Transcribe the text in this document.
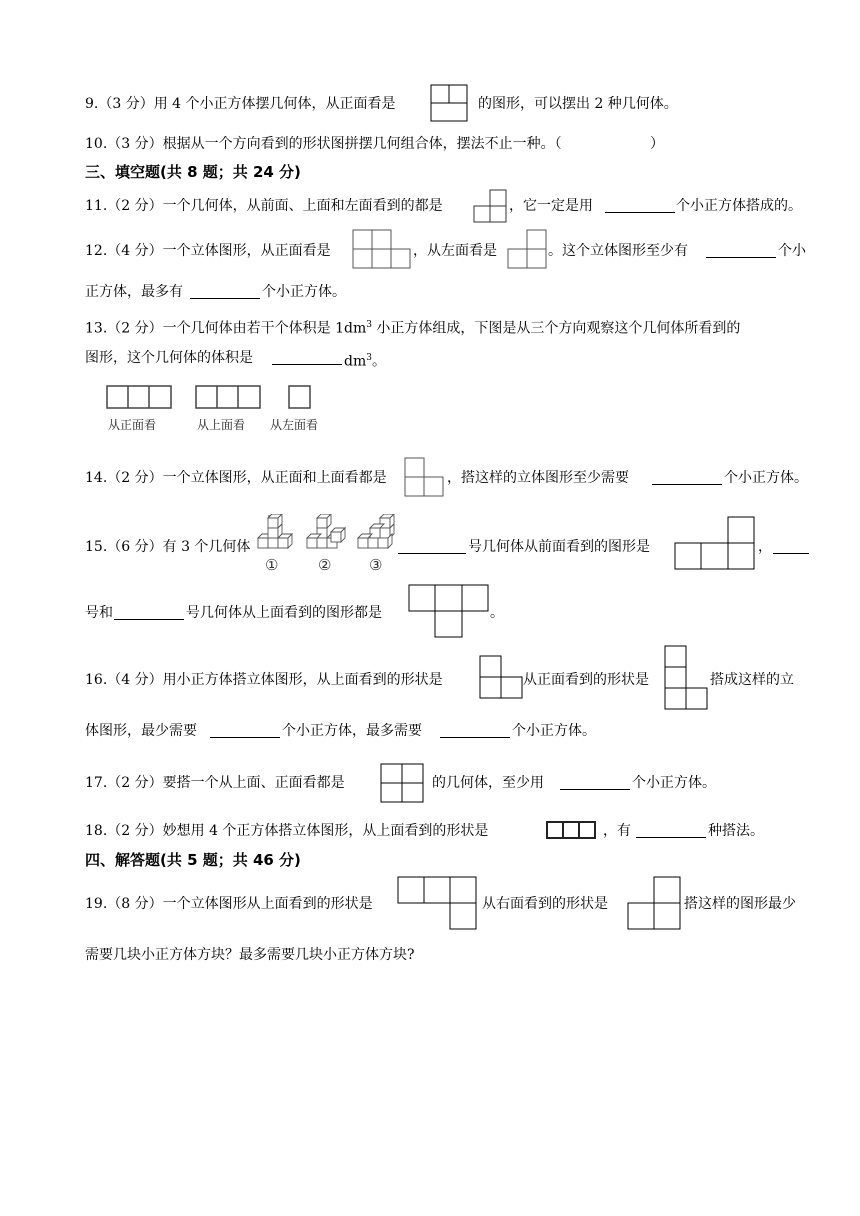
9.（3 分）用 4 个小正方体摆几何体，从正面看是	的图形，可以摆出 2 种几何体。
10.（3 分）根据从一个方向看到的形状图拼摆几何组合体，摆法不止一种。（	）
三、填空题(共 8 题；共 24 分)
11.（2 分）一个几何体，从前面、上面和左面看到的都是	，它一定是用	个小正方体搭成的。
12.（4 分）一个立体图形，从正面看是	，从左面看是	。这个立体图形至少有	个小
正方体，最多有	个小正方体。
13.（2 分）一个几何体由若干个体积是 $1dm^3$ 小正方体组成，下图是从三个方向观察这个几何体所看到的
图形，这个几何体的体积是	$dm^3$。
从正面看	从上面看 从左面看
14.（2 分）一个立体图形，从正面和上面看都是	，搭这样的立体图形至少需要	个小正方体。
15.（6 分）有 3 个几何体
①	②	③
号几何体从前面看到的图形是	，
号和	号几何体从上面看到的图形都是	。
16.（4 分）用小正方体搭立体图形，从上面看到的形状是	从正面看到的形状是	搭成这样的立
体图形，最少需要	个小正方体，最多需要	个小正方体。
17.（2 分）要搭一个从上面、正面看都是	的几何体，至少用	个小正方体。
18.（2 分）妙想用 4 个正方体搭立体图形，从上面看到的形状是	，有	种搭法。
四、解答题(共 5 题；共 46 分)
19.（8 分）一个立体图形从上面看到的形状是	从右面看到的形状是	搭这样的图形最少
需要几块小正方体方块？最多需要几块小正方体方块?
